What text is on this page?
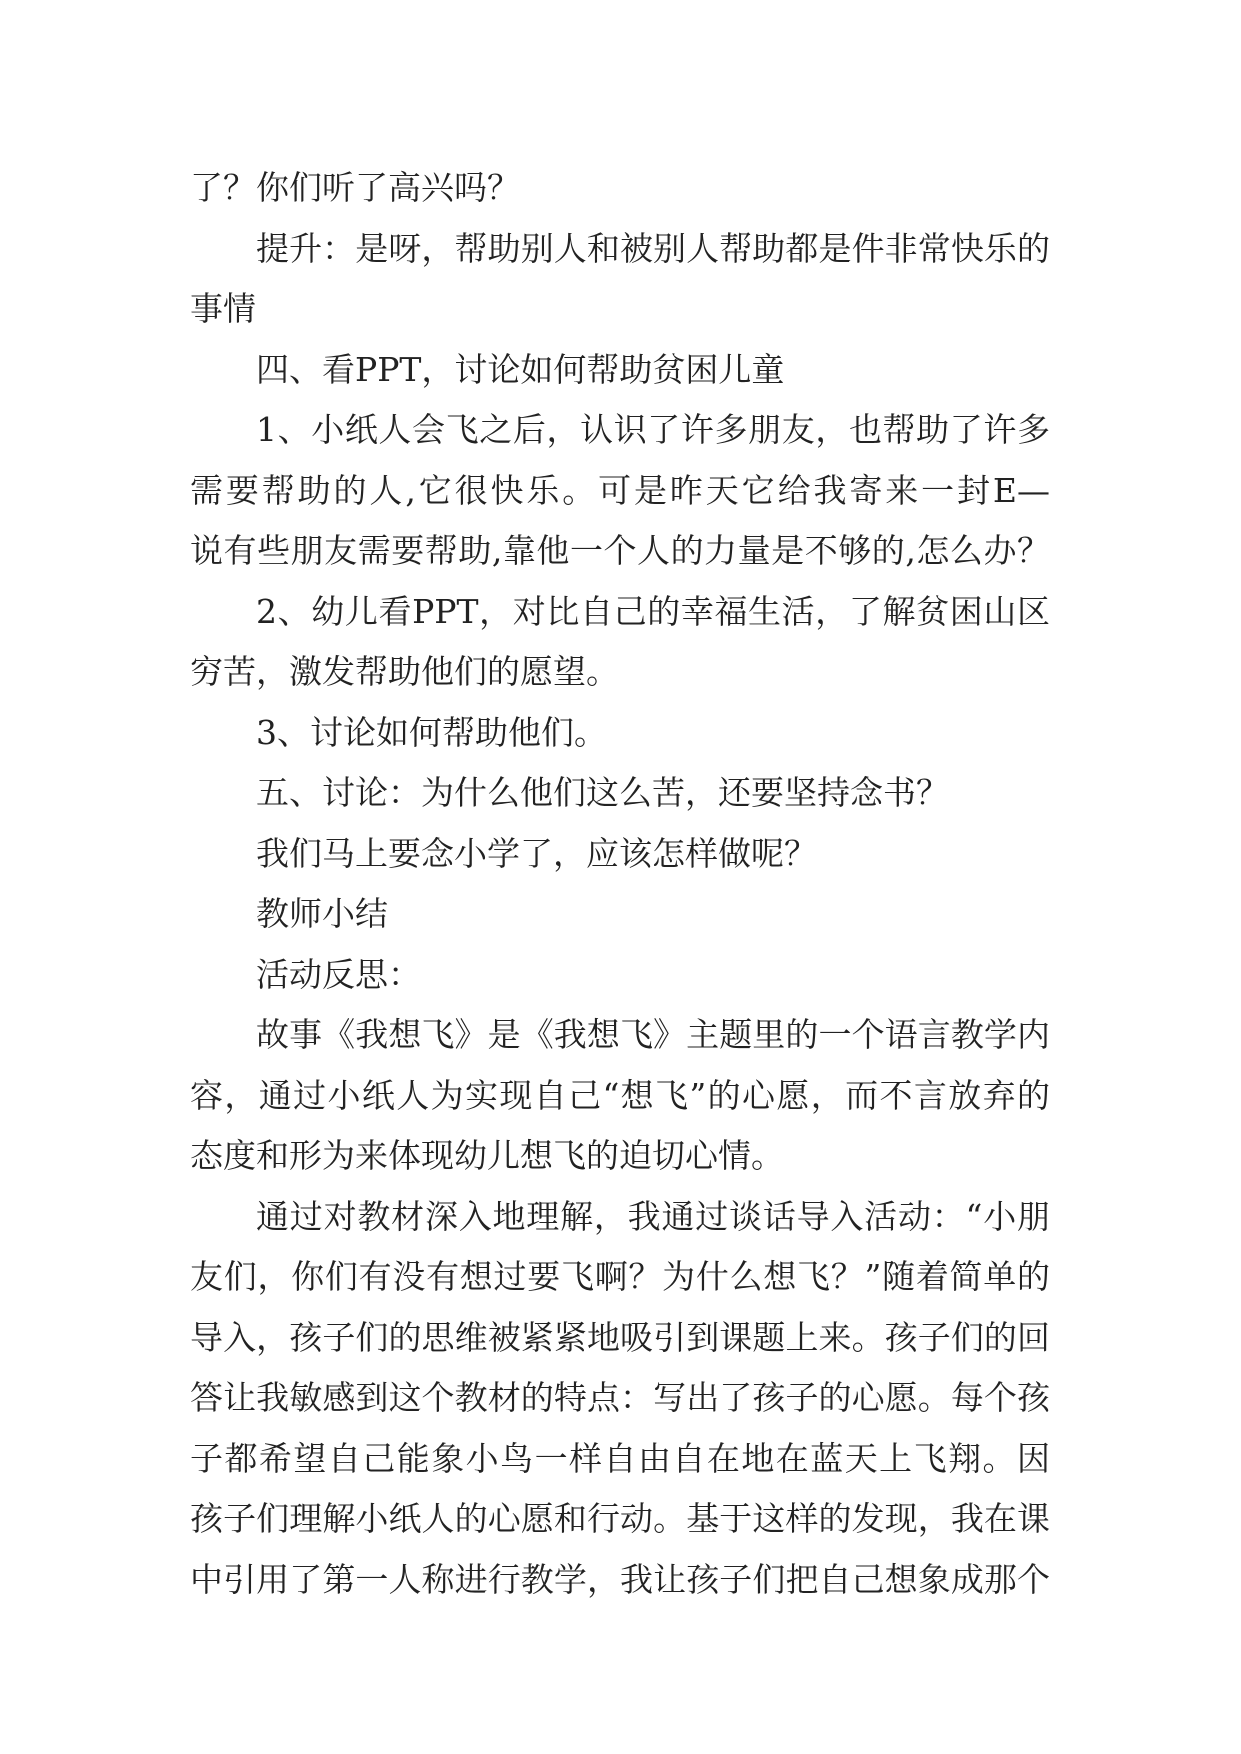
了？你们听了高兴吗？
提升：是呀，帮助别人和被别人帮助都是件非常快乐的
事情
四、看PPT，讨论如何帮助贫困儿童
1、小纸人会飞之后，认识了许多朋友，也帮助了许多
需要帮助的人,它很快乐。可是昨天它给我寄来一封E—
说有些朋友需要帮助,靠他一个人的力量是不够的,怎么办？
2、幼儿看PPT，对比自己的幸福生活，了解贫困山区
穷苦，激发帮助他们的愿望。
3、讨论如何帮助他们。
五、讨论：为什么他们这么苦，还要坚持念书？
我们马上要念小学了，应该怎样做呢？
教师小结
活动反思：
故事《我想飞》是《我想飞》主题里的一个语言教学内
容，通过小纸人为实现自己“想飞”的心愿，而不言放弃的
态度和形为来体现幼儿想飞的迫切心情。
通过对教材深入地理解，我通过谈话导入活动：“小朋
友们，你们有没有想过要飞啊？为什么想飞？”随着简单的
导入，孩子们的思维被紧紧地吸引到课题上来。孩子们的回
答让我敏感到这个教材的特点：写出了孩子的心愿。每个孩
子都希望自己能象小鸟一样自由自在地在蓝天上飞翔。因
孩子们理解小纸人的心愿和行动。基于这样的发现，我在课
中引用了第一人称进行教学，我让孩子们把自己想象成那个
